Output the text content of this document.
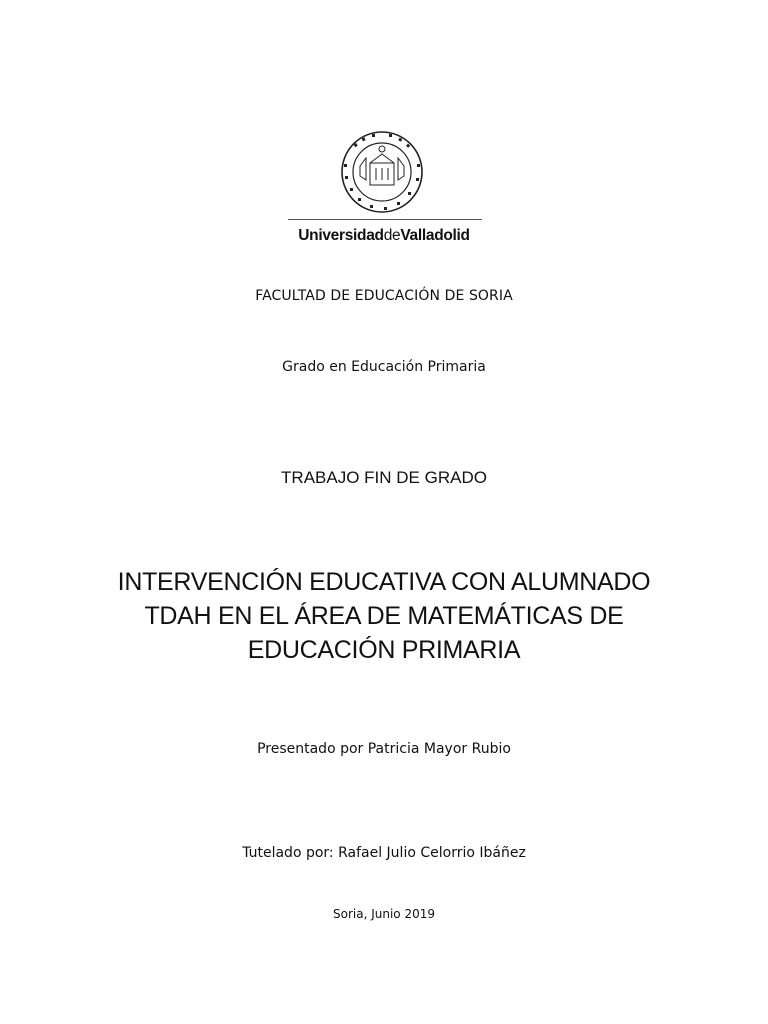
UniversidaddeValladolid
FACULTAD DE EDUCACIÓN DE SORIA
Grado en Educación Primaria
TRABAJO FIN DE GRADO
INTERVENCIÓN EDUCATIVA CON ALUMNADO
TDAH EN EL ÁREA DE MATEMÁTICAS DE
EDUCACIÓN PRIMARIA
Presentado por Patricia Mayor Rubio
Tutelado por: Rafael Julio Celorrio Ibáñez
Soria, Junio 2019
